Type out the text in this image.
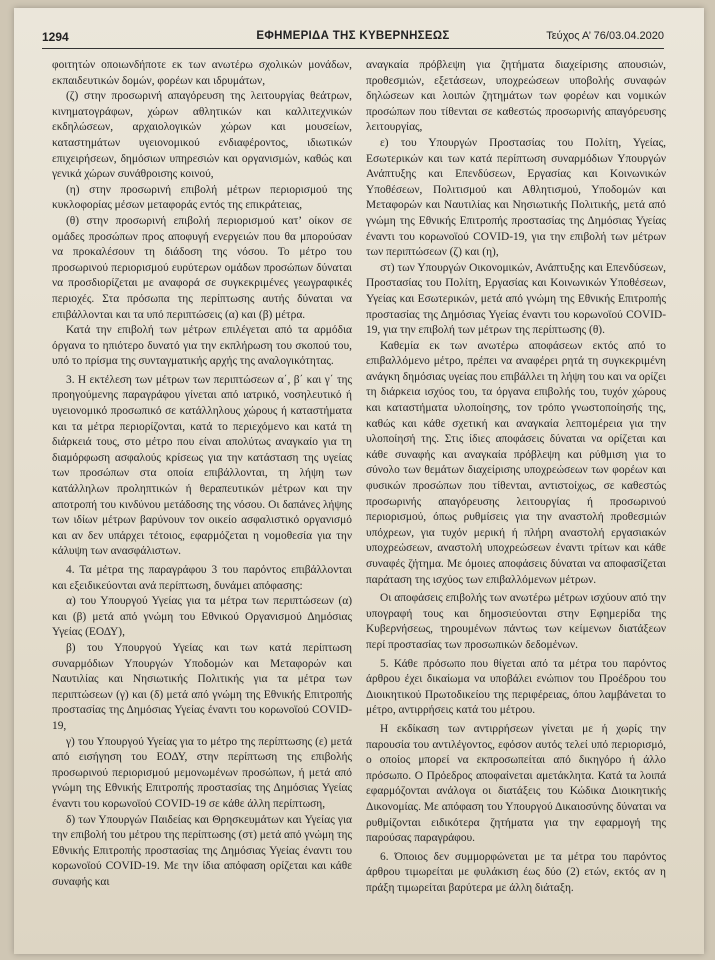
1294	ΕΦΗΜΕΡΙΔΑ ΤΗΣ ΚΥΒΕΡΝΗΣΕΩΣ	Τεύχος Α’ 76/03.04.2020

φοιτητών οποιωνδήποτε εκ των ανωτέρω σχολικών μονάδων, εκπαιδευτικών δομών, φορέων και ιδρυμάτων,

(ζ) στην προσωρινή απαγόρευση της λειτουργίας θεάτρων, κινηματογράφων, χώρων αθλητικών και καλλιτεχνικών εκδηλώσεων, αρχαιολογικών χώρων και μουσείων, καταστημάτων υγειονομικού ενδιαφέροντος, ιδιωτικών επιχειρήσεων, δημόσιων υπηρεσιών και οργανισμών, καθώς και γενικά χώρων συνάθροισης κοινού,

(η) στην προσωρινή επιβολή μέτρων περιορισμού της κυκλοφορίας μέσων μεταφοράς εντός της επικράτειας,

(θ) στην προσωρινή επιβολή περιορισμού κατ’ οίκον σε ομάδες προσώπων προς αποφυγή ενεργειών που θα μπορούσαν να προκαλέσουν τη διάδοση της νόσου. Το μέτρο του προσωρινού περιορισμού ευρύτερων ομάδων προσώπων δύναται να προσδιορίζεται με αναφορά σε συγκεκριμένες γεωγραφικές περιοχές. Στα πρόσωπα της περίπτωσης αυτής δύναται να επιβάλλονται και τα υπό περιπτώσεις (α) και (β) μέτρα.

Κατά την επιβολή των μέτρων επιλέγεται από τα αρμόδια όργανα το ηπιότερο δυνατό για την εκπλήρωση του σκοπού του, υπό το πρίσμα της συνταγματικής αρχής της αναλογικότητας.

3. Η εκτέλεση των μέτρων των περιπτώσεων α΄, β΄ και γ΄ της προηγούμενης παραγράφου γίνεται από ιατρικό, νοσηλευτικό ή υγειονομικό προσωπικό σε κατάλληλους χώρους ή καταστήματα και τα μέτρα περιορίζονται, κατά το περιεχόμενο και κατά τη διάρκειά τους, στο μέτρο που είναι απολύτως αναγκαίο για τη διαμόρφωση ασφαλούς κρίσεως για την κατάσταση της υγείας των προσώπων στα οποία επιβάλλονται, τη λήψη των κατάλληλων προληπτικών ή θεραπευτικών μέτρων και την αποτροπή του κινδύνου μετάδοσης της νόσου. Οι δαπάνες λήψης των ιδίων μέτρων βαρύνουν τον οικείο ασφαλιστικό οργανισμό και αν δεν υπάρχει τέτοιος, εφαρμόζεται η νομοθεσία για την κάλυψη των ανασφάλιστων.

4. Τα μέτρα της παραγράφου 3 του παρόντος επιβάλλονται και εξειδικεύονται ανά περίπτωση, δυνάμει απόφασης:

α) του Υπουργού Υγείας για τα μέτρα των περιπτώσεων (α) και (β) μετά από γνώμη του Εθνικού Οργανισμού Δημόσιας Υγείας (ΕΟΔΥ),

β) του Υπουργού Υγείας και των κατά περίπτωση συναρμόδιων Υπουργών Υποδομών και Μεταφορών και Ναυτιλίας και Νησιωτικής Πολιτικής για τα μέτρα των περιπτώσεων (γ) και (δ) μετά από γνώμη της Εθνικής Επιτροπής προστασίας της Δημόσιας Υγείας έναντι του κορωνοϊού COVID-19,

γ) του Υπουργού Υγείας για το μέτρο της περίπτωσης (ε) μετά από εισήγηση του ΕΟΔΥ, στην περίπτωση της επιβολής προσωρινού περιορισμού μεμονωμένων προσώπων, ή μετά από γνώμη της Εθνικής Επιτροπής προστασίας της Δημόσιας Υγείας έναντι του κορωνοϊού COVID-19 σε κάθε άλλη περίπτωση,

δ) των Υπουργών Παιδείας και Θρησκευμάτων και Υγείας για την επιβολή του μέτρου της περίπτωσης (στ) μετά από γνώμη της Εθνικής Επιτροπής προστασίας της Δημόσιας Υγείας έναντι του κορωνοϊού COVID-19. Με την ίδια απόφαση ορίζεται και κάθε συναφής και

αναγκαία πρόβλεψη για ζητήματα διαχείρισης απουσιών, προθεσμιών, εξετάσεων, υποχρεώσεων υποβολής συναφών δηλώσεων και λοιπών ζητημάτων των φορέων και νομικών προσώπων που τίθενται σε καθεστώς προσωρινής απαγόρευσης λειτουργίας,

ε) του Υπουργών Προστασίας του Πολίτη, Υγείας, Εσωτερικών και των κατά περίπτωση συναρμόδιων Υπουργών Ανάπτυξης και Επενδύσεων, Εργασίας και Κοινωνικών Υποθέσεων, Πολιτισμού και Αθλητισμού, Υποδομών και Μεταφορών και Ναυτιλίας και Νησιωτικής Πολιτικής, μετά από γνώμη της Εθνικής Επιτροπής προστασίας της Δημόσιας Υγείας έναντι του κορωνοϊού COVID-19, για την επιβολή των μέτρων των περιπτώσεων (ζ) και (η),

στ) των Υπουργών Οικονομικών, Ανάπτυξης και Επενδύσεων, Προστασίας του Πολίτη, Εργασίας και Κοινωνικών Υποθέσεων, Υγείας και Εσωτερικών, μετά από γνώμη της Εθνικής Επιτροπής προστασίας της Δημόσιας Υγείας έναντι του κορωνοϊού COVID-19, για την επιβολή των μέτρων της περίπτωσης (θ).

Καθεμία εκ των ανωτέρω αποφάσεων εκτός από το επιβαλλόμενο μέτρο, πρέπει να αναφέρει ρητά τη συγκεκριμένη ανάγκη δημόσιας υγείας που επιβάλλει τη λήψη του και να ορίζει τη διάρκεια ισχύος του, τα όργανα επιβολής του, τυχόν χώρους και καταστήματα υλοποίησης, τον τρόπο γνωστοποίησής της, καθώς και κάθε σχετική και αναγκαία λεπτομέρεια για την υλοποίησή της. Στις ίδιες αποφάσεις δύναται να ορίζεται και κάθε συναφής και αναγκαία πρόβλεψη και ρύθμιση για το σύνολο των θεμάτων διαχείρισης υποχρεώσεων των φορέων και φυσικών προσώπων που τίθενται, αντιστοίχως, σε καθεστώς προσωρινής απαγόρευσης λειτουργίας ή προσωρινού περιορισμού, όπως ρυθμίσεις για την αναστολή προθεσμιών υπόχρεων, για τυχόν μερική ή πλήρη αναστολή εργασιακών υποχρεώσεων, αναστολή υποχρεώσεων έναντι τρίτων και κάθε συναφές ζήτημα. Με όμοιες αποφάσεις δύναται να αποφασίζεται παράταση της ισχύος των επιβαλλόμενων μέτρων.

Οι αποφάσεις επιβολής των ανωτέρω μέτρων ισχύουν από την υπογραφή τους και δημοσιεύονται στην Εφημερίδα της Κυβερνήσεως, τηρουμένων πάντως των κείμενων διατάξεων περί προστασίας των προσωπικών δεδομένων.

5. Κάθε πρόσωπο που θίγεται από τα μέτρα του παρόντος άρθρου έχει δικαίωμα να υποβάλει ενώπιον του Προέδρου του Διοικητικού Πρωτοδικείου της περιφέρειας, όπου λαμβάνεται το μέτρο, αντιρρήσεις κατά του μέτρου.

Η εκδίκαση των αντιρρήσεων γίνεται με ή χωρίς την παρουσία του αντιλέγοντος, εφόσον αυτός τελεί υπό περιορισμό, ο οποίος μπορεί να εκπροσωπείται από δικηγόρο ή άλλο πρόσωπο. Ο Πρόεδρος αποφαίνεται αμετάκλητα. Κατά τα λοιπά εφαρμόζονται ανάλογα οι διατάξεις του Κώδικα Διοικητικής Δικονομίας. Με απόφαση του Υπουργού Δικαιοσύνης δύναται να ρυθμίζονται ειδικότερα ζητήματα για την εφαρμογή της παρούσας παραγράφου.

6. Όποιος δεν συμμορφώνεται με τα μέτρα του παρόντος άρθρου τιμωρείται με φυλάκιση έως δύο (2) ετών, εκτός αν η πράξη τιμωρείται βαρύτερα με άλλη διάταξη.
